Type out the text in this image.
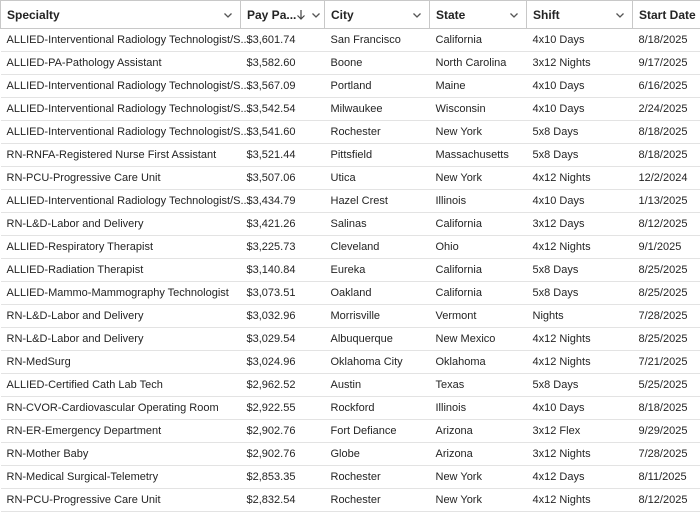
Specialty	Pay Pa...	City	State	Shift	Start Date

ALLIED-Interventional Radiology Technologist/S...	$3,601.74	San Francisco	California	4x10 Days	8/18/2025
ALLIED-PA-Pathology Assistant	$3,582.60	Boone	North Carolina	3x12 Nights	9/17/2025
ALLIED-Interventional Radiology Technologist/S...	$3,567.09	Portland	Maine	4x10 Days	6/16/2025
ALLIED-Interventional Radiology Technologist/S...	$3,542.54	Milwaukee	Wisconsin	4x10 Days	2/24/2025
ALLIED-Interventional Radiology Technologist/S...	$3,541.60	Rochester	New York	5x8 Days	8/18/2025
RN-RNFA-Registered Nurse First Assistant	$3,521.44	Pittsfield	Massachusetts	5x8 Days	8/18/2025
RN-PCU-Progressive Care Unit	$3,507.06	Utica	New York	4x12 Nights	12/2/2024
ALLIED-Interventional Radiology Technologist/S...	$3,434.79	Hazel Crest	Illinois	4x10 Days	1/13/2025
RN-L&D-Labor and Delivery	$3,421.26	Salinas	California	3x12 Days	8/12/2025
ALLIED-Respiratory Therapist	$3,225.73	Cleveland	Ohio	4x12 Nights	9/1/2025
ALLIED-Radiation Therapist	$3,140.84	Eureka	California	5x8 Days	8/25/2025
ALLIED-Mammo-Mammography Technologist	$3,073.51	Oakland	California	5x8 Days	8/25/2025
RN-L&D-Labor and Delivery	$3,032.96	Morrisville	Vermont	Nights	7/28/2025
RN-L&D-Labor and Delivery	$3,029.54	Albuquerque	New Mexico	4x12 Nights	8/25/2025
RN-MedSurg	$3,024.96	Oklahoma City	Oklahoma	4x12 Nights	7/21/2025
ALLIED-Certified Cath Lab Tech	$2,962.52	Austin	Texas	5x8 Days	5/25/2025
RN-CVOR-Cardiovascular Operating Room	$2,922.55	Rockford	Illinois	4x10 Days	8/18/2025
RN-ER-Emergency Department	$2,902.76	Fort Defiance	Arizona	3x12 Flex	9/29/2025
RN-Mother Baby	$2,902.76	Globe	Arizona	3x12 Nights	7/28/2025
RN-Medical Surgical-Telemetry	$2,853.35	Rochester	New York	4x12 Days	8/11/2025
RN-PCU-Progressive Care Unit	$2,832.54	Rochester	New York	4x12 Nights	8/12/2025
